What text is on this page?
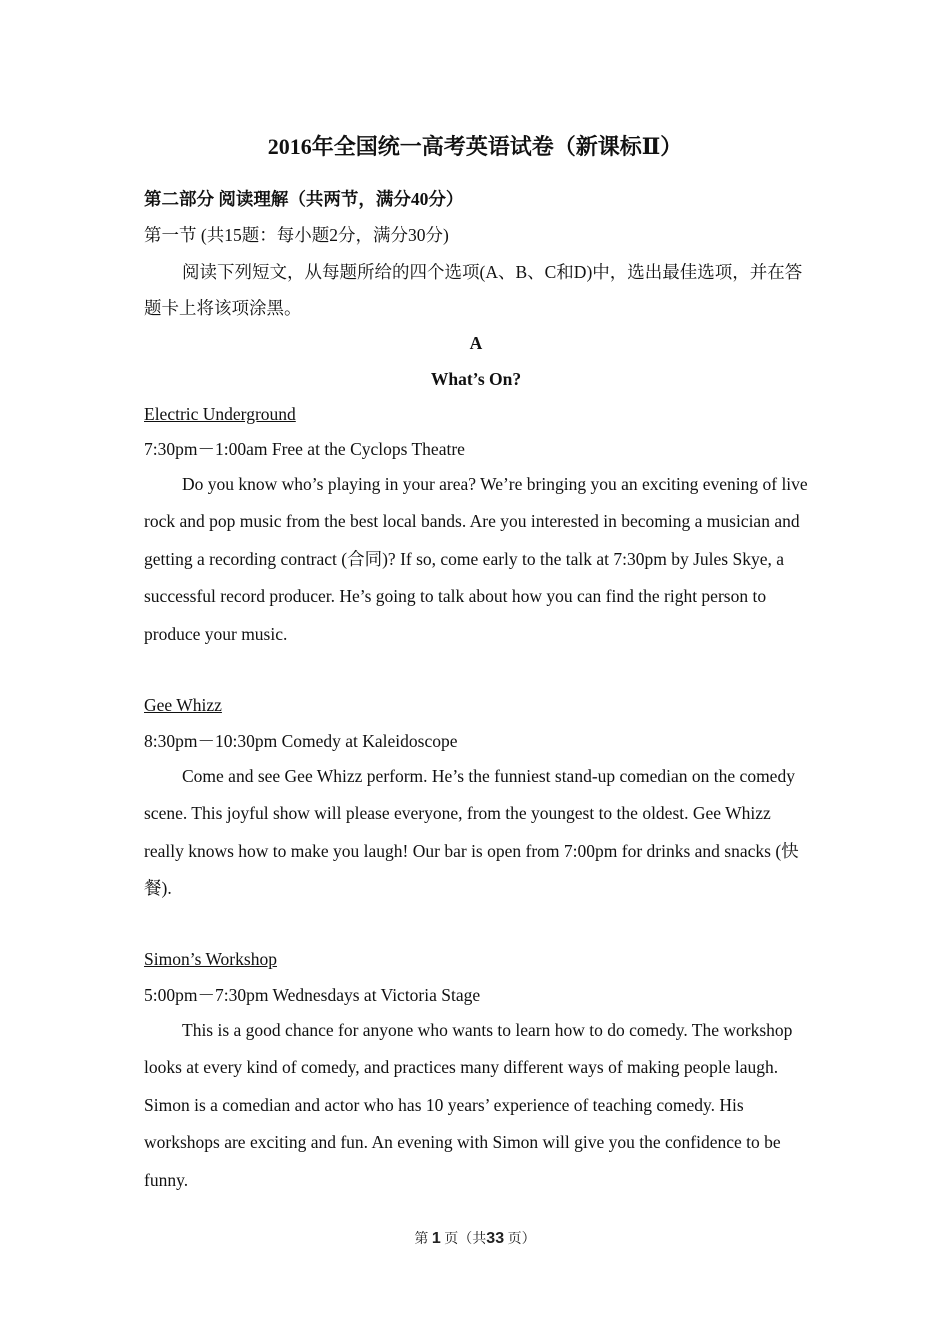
2016年全国统一高考英语试卷（新课标Ⅱ）
第二部分 阅读理解（共两节，满分40分）
第一节 (共15题：每小题2分，满分30分)
阅读下列短文，从每题所给的四个选项(A、B、C和D)中，选出最佳选项，并在答题卡上将该项涂黑。
A
What’s On?
Electric Underground
7:30pm－1:00am Free at the Cyclops Theatre
Do you know who’s playing in your area? We’re bringing you an exciting evening of live rock and pop music from the best local bands. Are you interested in becoming a musician and getting a recording contract (合同)? If so, come early to the talk at 7:30pm by Jules Skye, a successful record producer. He’s going to talk about how you can find the right person to produce your music.
Gee Whizz
8:30pm－10:30pm Comedy at Kaleidoscope
Come and see Gee Whizz perform. He’s the funniest stand-up comedian on the comedy scene. This joyful show will please everyone, from the youngest to the oldest. Gee Whizz really knows how to make you laugh! Our bar is open from 7:00pm for drinks and snacks (快餐).
Simon’s Workshop
5:00pm－7:30pm Wednesdays at Victoria Stage
This is a good chance for anyone who wants to learn how to do comedy. The workshop looks at every kind of comedy, and practices many different ways of making people laugh. Simon is a comedian and actor who has 10 years’ experience of teaching comedy. His workshops are exciting and fun. An evening with Simon will give you the confidence to be funny.
第 1 页（共33 页）
